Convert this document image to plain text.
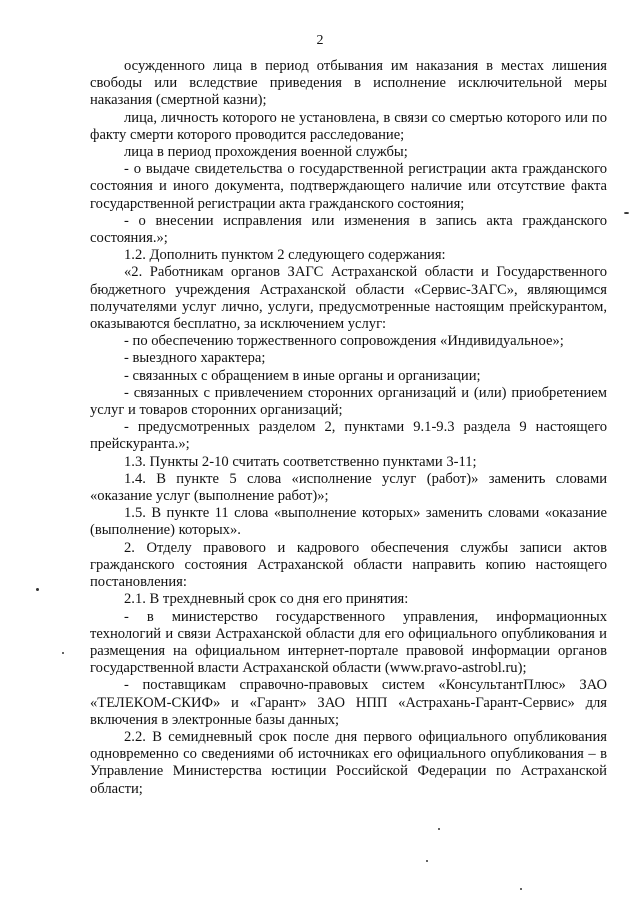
2

осужденного лица в период отбывания им наказания в местах лишения свободы или вследствие приведения в исполнение исключительной меры наказания (смертной казни);

лица, личность которого не установлена, в связи со смертью которого или по факту смерти которого проводится расследование;

лица в период прохождения военной службы;

- о выдаче свидетельства о государственной регистрации акта гражданского состояния и иного документа, подтверждающего наличие или отсутствие факта государственной регистрации акта гражданского состояния;

- о внесении исправления или изменения в запись акта гражданского состояния.»;

1.2. Дополнить пунктом 2 следующего содержания:

«2. Работникам органов ЗАГС Астраханской области и Государственного бюджетного учреждения Астраханской области «Сервис-ЗАГС», являющимся получателями услуг лично, услуги, предусмотренные настоящим прейскурантом, оказываются бесплатно, за исключением услуг:

- по обеспечению торжественного сопровождения «Индивидуальное»;

- выездного характера;

- связанных с обращением в иные органы и организации;

- связанных с привлечением сторонних организаций и (или) приобретением услуг и товаров сторонних организаций;

- предусмотренных разделом 2, пунктами 9.1-9.3 раздела 9 настоящего прейскуранта.»;

1.3. Пункты 2-10 считать соответственно пунктами 3-11;

1.4. В пункте 5 слова «исполнение услуг (работ)» заменить словами «оказание услуг (выполнение работ)»;

1.5. В пункте 11 слова «выполнение которых» заменить словами «оказание (выполнение) которых».

2. Отделу правового и кадрового обеспечения службы записи актов гражданского состояния Астраханской области направить копию настоящего постановления:

2.1. В трехдневный срок со дня его принятия:

- в министерство государственного управления, информационных технологий и связи Астраханской области для его официального опубликования и размещения на официальном интернет-портале правовой информации органов государственной власти Астраханской области (www.pravo-astrobl.ru);

- поставщикам справочно-правовых систем «КонсультантПлюс» ЗАО «ТЕЛЕКОМ-СКИФ» и «Гарант» ЗАО НПП «Астрахань-Гарант-Сервис» для включения в электронные базы данных;

2.2. В семидневный срок после дня первого официального опубликования одновременно со сведениями об источниках его официального опубликования – в Управление Министерства юстиции Российской Федерации по Астраханской области;
